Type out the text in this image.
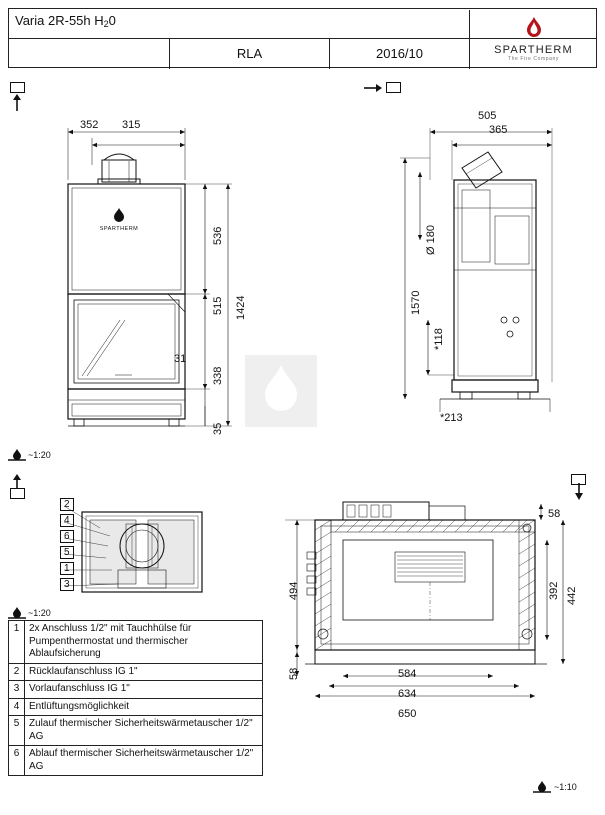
Varia 2R-55h $H_20$
RLA	2016/10	SPARTHERM
The Fire Company
SPARTHERM
352 315
536
515
338
35
1424
31
~1:20
505
365
Ø 180
1570
*118
*213
2
4
6
5
1
3
~1:20
494
58
392 442
58
584
634
650
~1:10
1 2x Anschluss 1/2" mit Tauchhülse für Pumpenthermostat und thermischer Ablaufsicherung
2 Rücklaufanschluss IG 1"
3 Vorlaufanschluss IG 1"
4 Entlüftungsmöglichkeit
5 Zulauf thermischer Sicherheitswärmetauscher 1/2" AG
6 Ablauf thermischer Sicherheitswärmetauscher 1/2" AG
